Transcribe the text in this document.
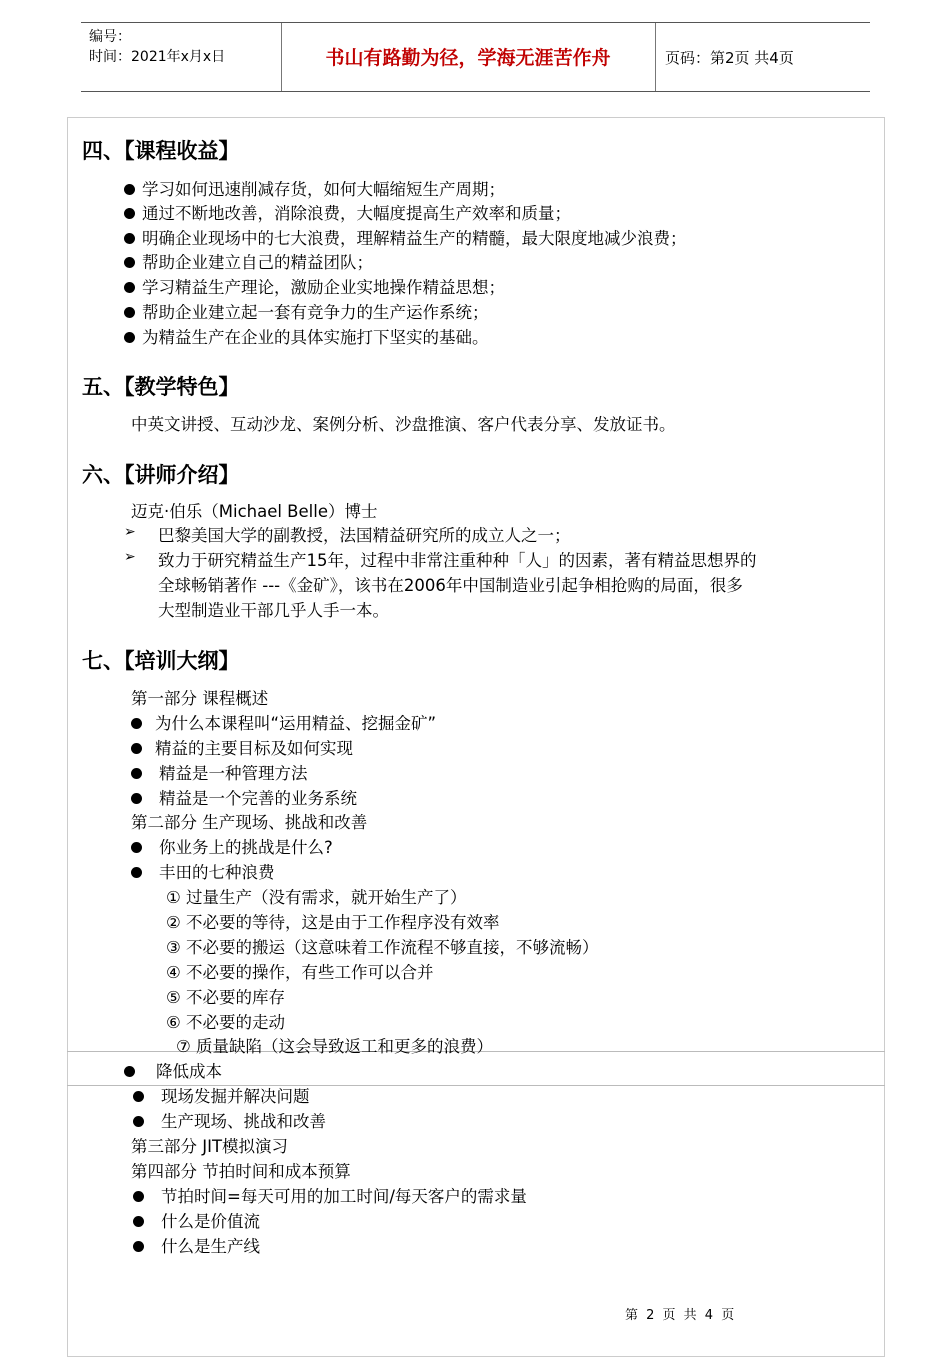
编号：
时间：2021年x月x日	书山有路勤为径，学海无涯苦作舟	页码：第2页 共4页
四、【课程收益】
学习如何迅速削减存货，如何大幅缩短生产周期；
通过不断地改善，消除浪费，大幅度提高生产效率和质量；
明确企业现场中的七大浪费，理解精益生产的精髓，最大限度地减少浪费；
帮助企业建立自己的精益团队；
学习精益生产理论，激励企业实地操作精益思想；
帮助企业建立起一套有竞争力的生产运作系统；
为精益生产在企业的具体实施打下坚实的基础。
五、【教学特色】
中英文讲授、互动沙龙、案例分析、沙盘推演、客户代表分享、发放证书。
六、【讲师介绍】
迈克·伯乐（Michael Belle）博士
➢ 巴黎美国大学的副教授，法国精益研究所的成立人之一；
➢ 致力于研究精益生产15年，过程中非常注重种种「人」的因素，著有精益思想界的
全球畅销著作 ---《金矿》，该书在2006年中国制造业引起争相抢购的局面，很多
大型制造业干部几乎人手一本。
七、【培训大纲】
第一部分 课程概述
为什么本课程叫“运用精益、挖掘金矿”
精益的主要目标及如何实现
精益是一种管理方法
精益是一个完善的业务系统
第二部分 生产现场、挑战和改善
你业务上的挑战是什么?
丰田的七种浪费
① 过量生产（没有需求，就开始生产了）
② 不必要的等待，这是由于工作程序没有效率
③ 不必要的搬运（这意味着工作流程不够直接，不够流畅）
④ 不必要的操作，有些工作可以合并
⑤ 不必要的库存
⑥ 不必要的走动
⑦ 质量缺陷（这会导致返工和更多的浪费）
降低成本
现场发掘并解决问题
生产现场、挑战和改善
第三部分 JIT模拟演习
第四部分 节拍时间和成本预算
节拍时间=每天可用的加工时间/每天客户的需求量
什么是价值流
什么是生产线
第 2 页 共 4 页
